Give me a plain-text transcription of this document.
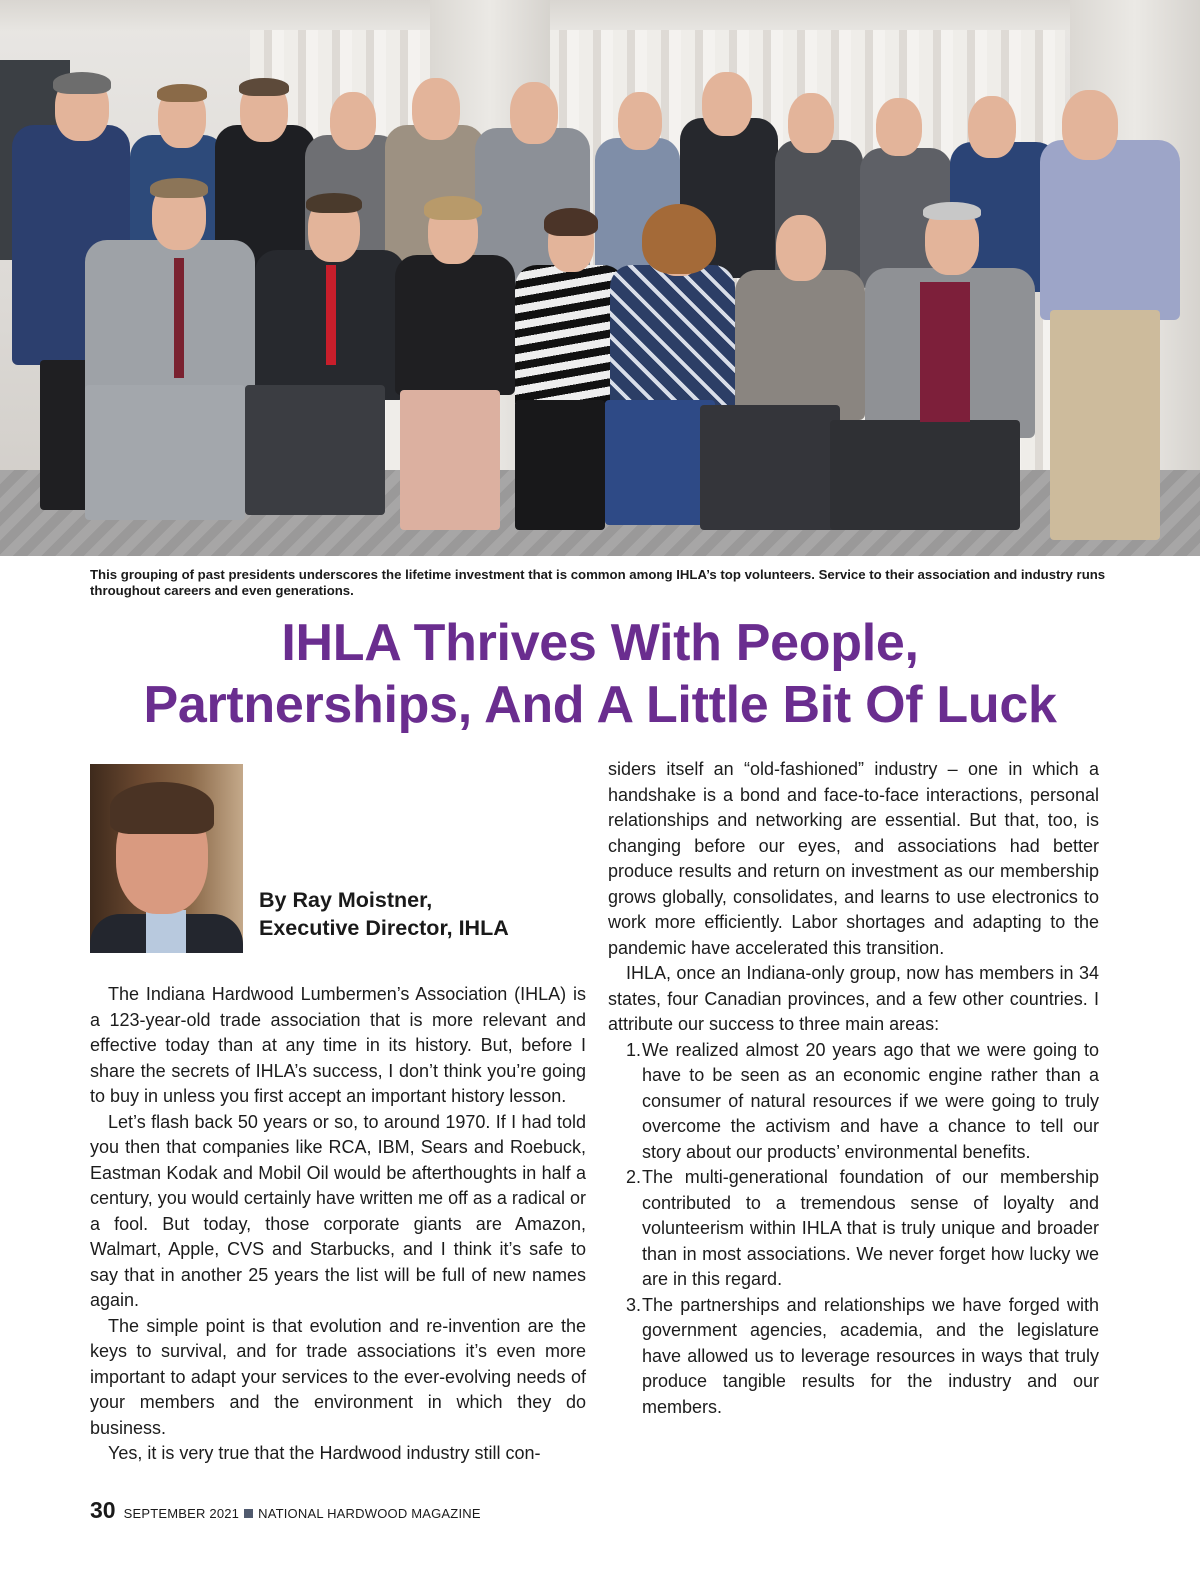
This grouping of past presidents underscores the lifetime investment that is common among IHLA’s top volunteers. Service to their association and industry runs throughout careers and even generations.
IHLA Thrives With People,
Partnerships, And A Little Bit Of Luck
By Ray Moistner,
Executive Director, IHLA

The Indiana Hardwood Lumbermen’s Association (IHLA) is a 123-year-old trade association that is more relevant and effective today than at any time in its history. But, before I share the secrets of IHLA’s success, I don’t think you’re going to buy in unless you first accept an important history lesson.

Let’s flash back 50 years or so, to around 1970. If I had told you then that companies like RCA, IBM, Sears and Roebuck, Eastman Kodak and Mobil Oil would be afterthoughts in half a century, you would certainly have written me off as a radical or a fool. But today, those corporate giants are Amazon, Walmart, Apple, CVS and Starbucks, and I think it’s safe to say that in another 25 years the list will be full of new names again.

The simple point is that evolution and re-invention are the keys to survival, and for trade associations it’s even more important to adapt your services to the ever-evolving needs of your members and the environment in which they do business.

Yes, it is very true that the Hardwood industry still con-

siders itself an “old-fashioned” industry – one in which a handshake is a bond and face-to-face interactions, personal relationships and networking are essential. But that, too, is changing before our eyes, and associations had better produce results and return on investment as our membership grows globally, consolidates, and learns to use electronics to work more efficiently. Labor shortages and adapting to the pandemic have accelerated this transition.

IHLA, once an Indiana-only group, now has members in 34 states, four Canadian provinces, and a few other countries. I attribute our success to three main areas:

1. We realized almost 20 years ago that we were going to have to be seen as an economic engine rather than a consumer of natural resources if we were going to truly overcome the activism and have a chance to tell our story about our products’ environmental benefits.
2. The multi-generational foundation of our membership contributed to a tremendous sense of loyalty and volunteerism within IHLA that is truly unique and broader than in most associations. We never forget how lucky we are in this regard.
3. The partnerships and relationships we have forged with government agencies, academia, and the legislature have allowed us to leverage resources in ways that truly produce tangible results for the industry and our members.
30 SEPTEMBER 2021 NATIONAL HARDWOOD MAGAZINE
